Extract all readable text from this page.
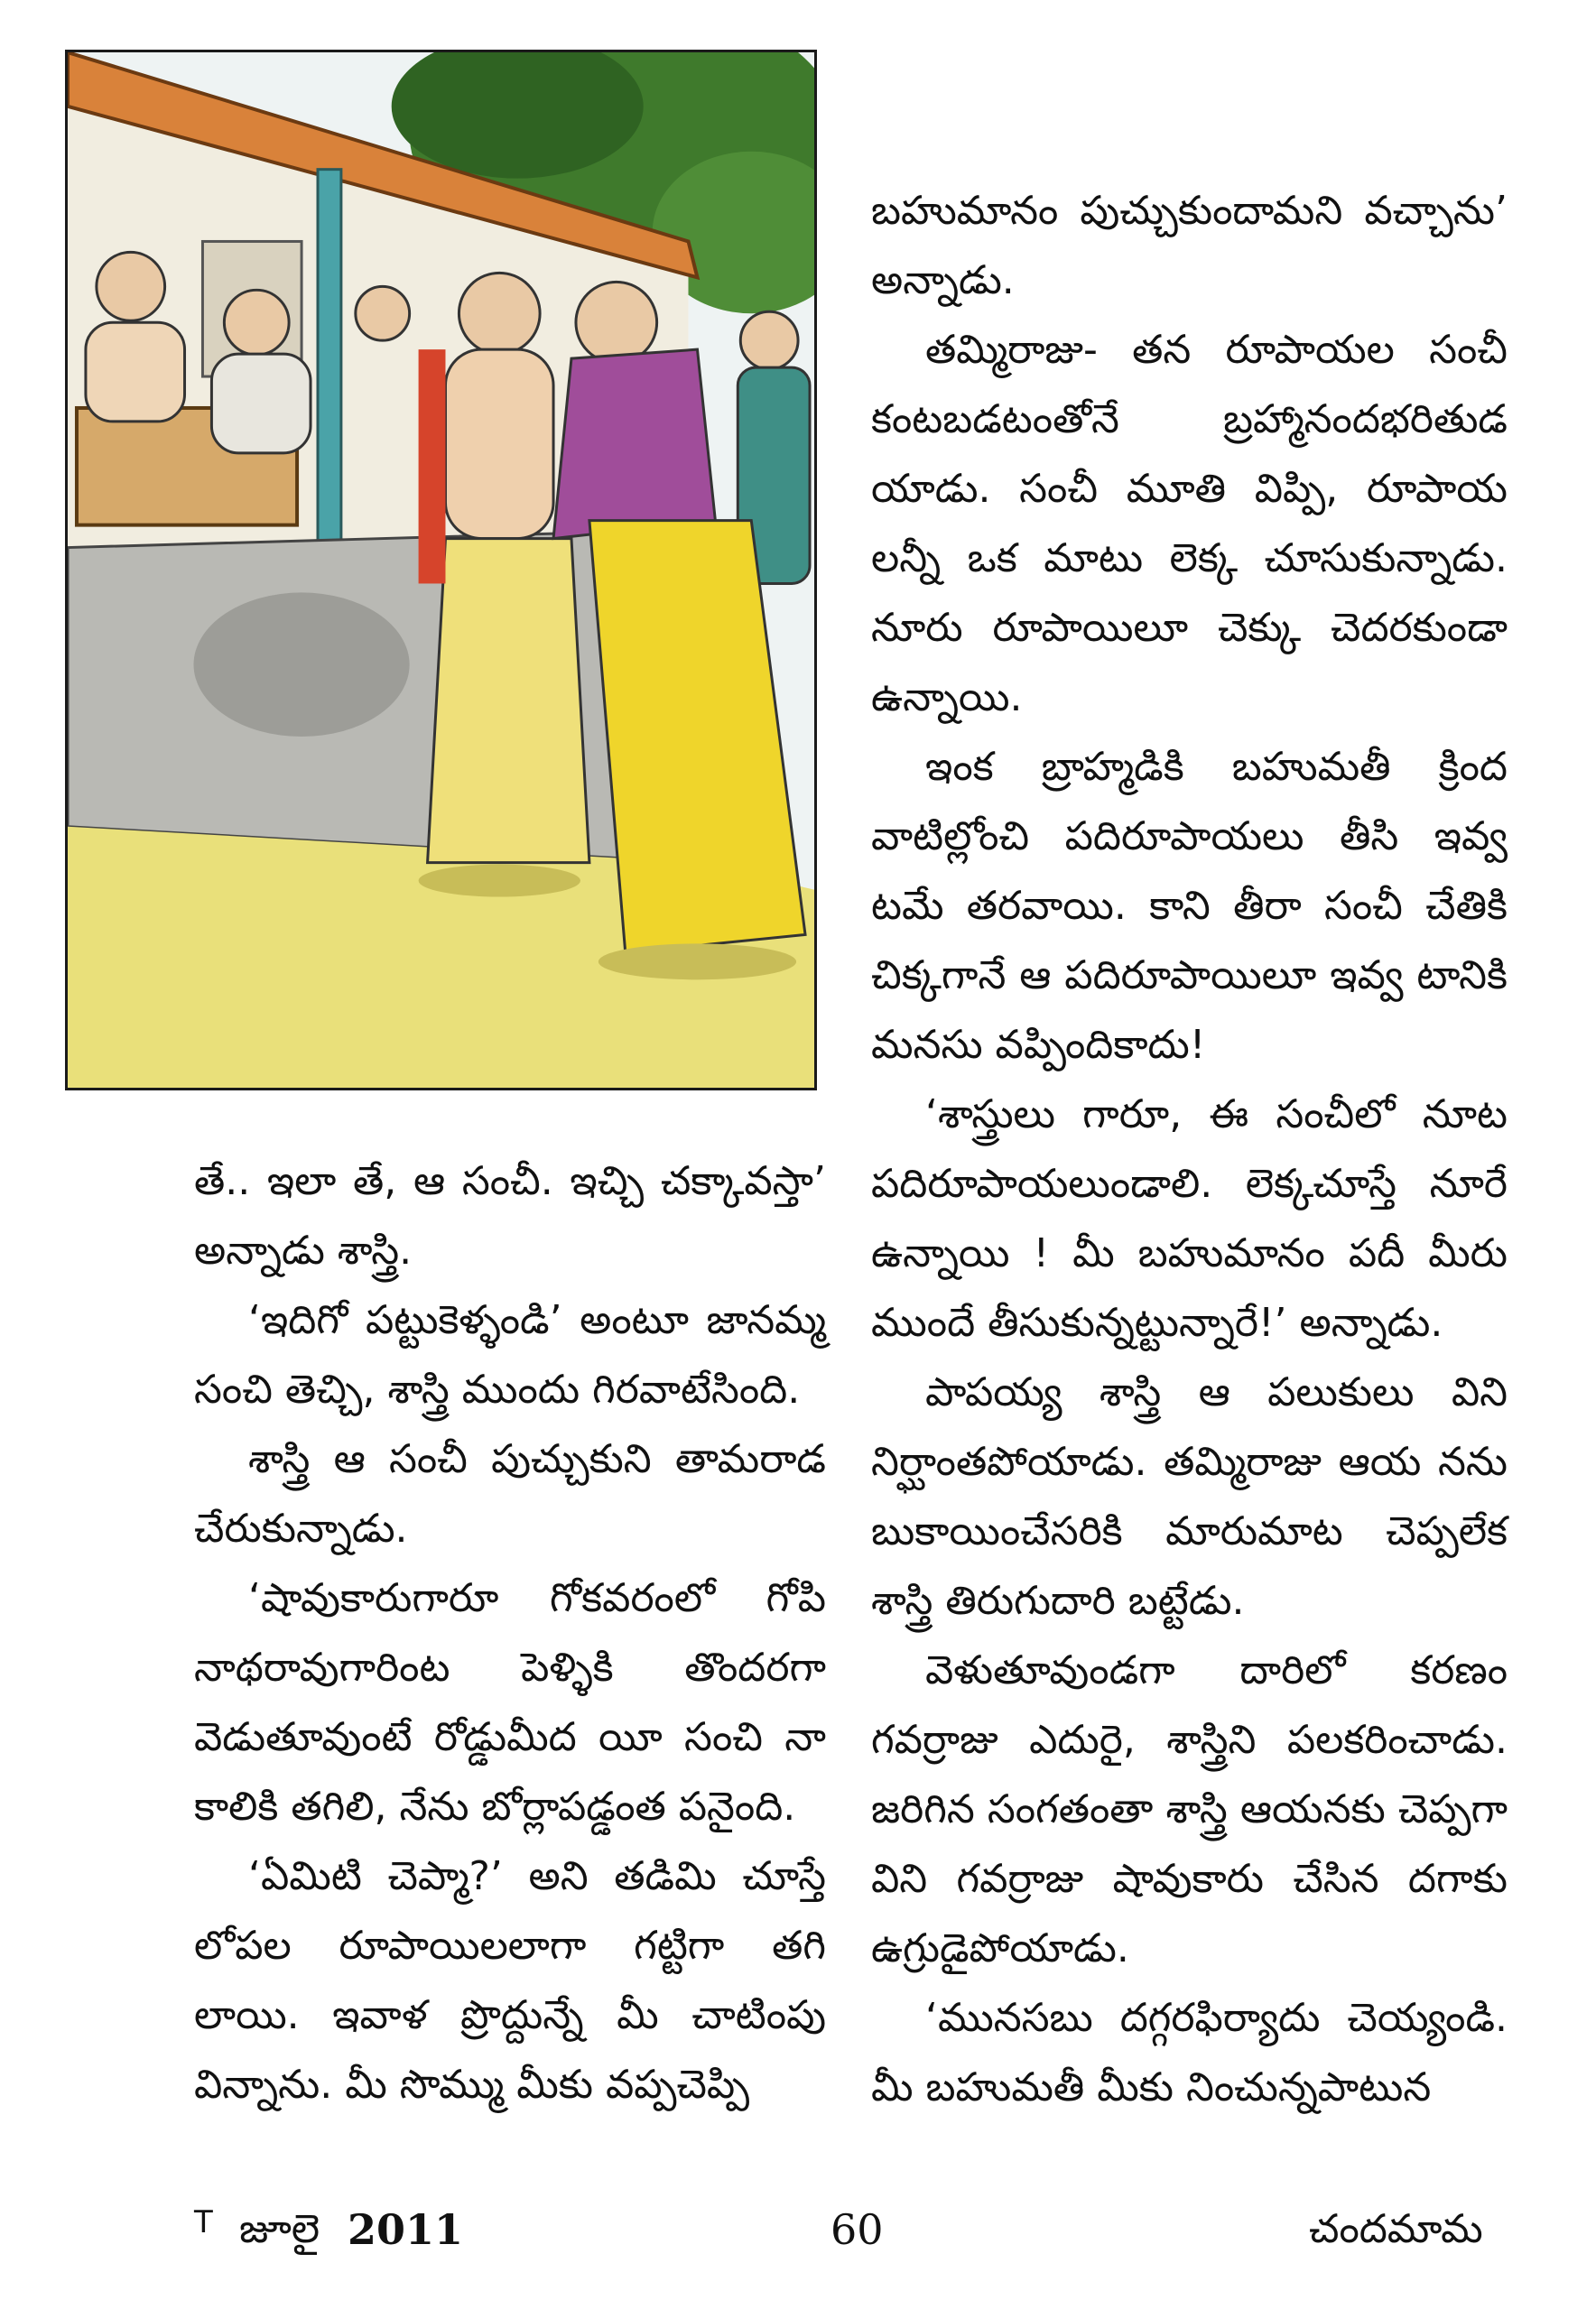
తే.. ఇలా తే, ఆ సంచీ. ఇచ్చి చక్కావస్తా’ అన్నాడు శాస్త్రి.

‘ఇదిగో పట్టుకెళ్ళండి’ అంటూ జానమ్మ సంచి తెచ్చి, శాస్త్రి ముందు గిరవాటేసింది.

శాస్త్రి ఆ సంచీ పుచ్చుకుని తామరాడ చేరుకున్నాడు.

‘షావుకారుగారూ గోకవరంలో గోపి నాథరావుగారింట పెళ్ళికి తొందరగా వెడుతూవుంటే రోడ్డుమీద యీ సంచి నా కాలికి తగిలి, నేను బోర్లాపడ్డంత పనైంది.

‘ఏమిటి చెప్మా?’ అని తడిమి చూస్తే లోపల రూపాయిలలాగా గట్టిగా తగి లాయి. ఇవాళ ప్రొద్దున్నే మీ చాటింపు విన్నాను. మీ సొమ్ము మీకు వప్పచెప్పి

బహుమానం పుచ్చుకుందామని వచ్చాను’ అన్నాడు.

తమ్మిరాజు- తన రూపాయల సంచీ కంటబడటంతోనే బ్రహ్మానందభరితుడ యాడు. సంచీ మూతి విప్పి, రూపాయ లన్నీ ఒక మాటు లెక్క చూసుకున్నాడు. నూరు రూపాయిలూ చెక్కు చెదరకుండా ఉన్నాయి.

ఇంక బ్రాహ్మడికి బహుమతీ క్రింద వాటిల్లోంచి పదిరూపాయలు తీసి ఇవ్వ టమే తరవాయి. కాని తీరా సంచీ చేతికి చిక్కగానే ఆ పదిరూపాయిలూ ఇవ్వ టానికి మనసు వప్పిందికాదు!

‘శాస్త్రులు గారూ, ఈ సంచీలో నూట పదిరూపాయలుండాలి. లెక్కచూస్తే నూరే ఉన్నాయి ! మీ బహుమానం పదీ మీరు ముందే తీసుకున్నట్టున్నారే!’ అన్నాడు.

పాపయ్య శాస్త్రి ఆ పలుకులు విని నిర్ఘాంతపోయాడు. తమ్మిరాజు ఆయ నను బుకాయించేసరికి మారుమాట చెప్పలేక శాస్త్రి తిరుగుదారి బట్టేడు.

వెళుతూవుండగా దారిలో కరణం గవర్రాజు ఎదురై, శాస్త్రిని పలకరించాడు. జరిగిన సంగతంతా శాస్త్రి ఆయనకు చెప్పగా విని గవర్రాజు షావుకారు చేసిన దగాకు ఉగ్రుడైపోయాడు.

‘మునసబు దగ్గరఫిర్యాదు చెయ్యండి. మీ బహుమతీ మీకు నించున్నపాటున

T జూలై 2011	60	చందమామ
